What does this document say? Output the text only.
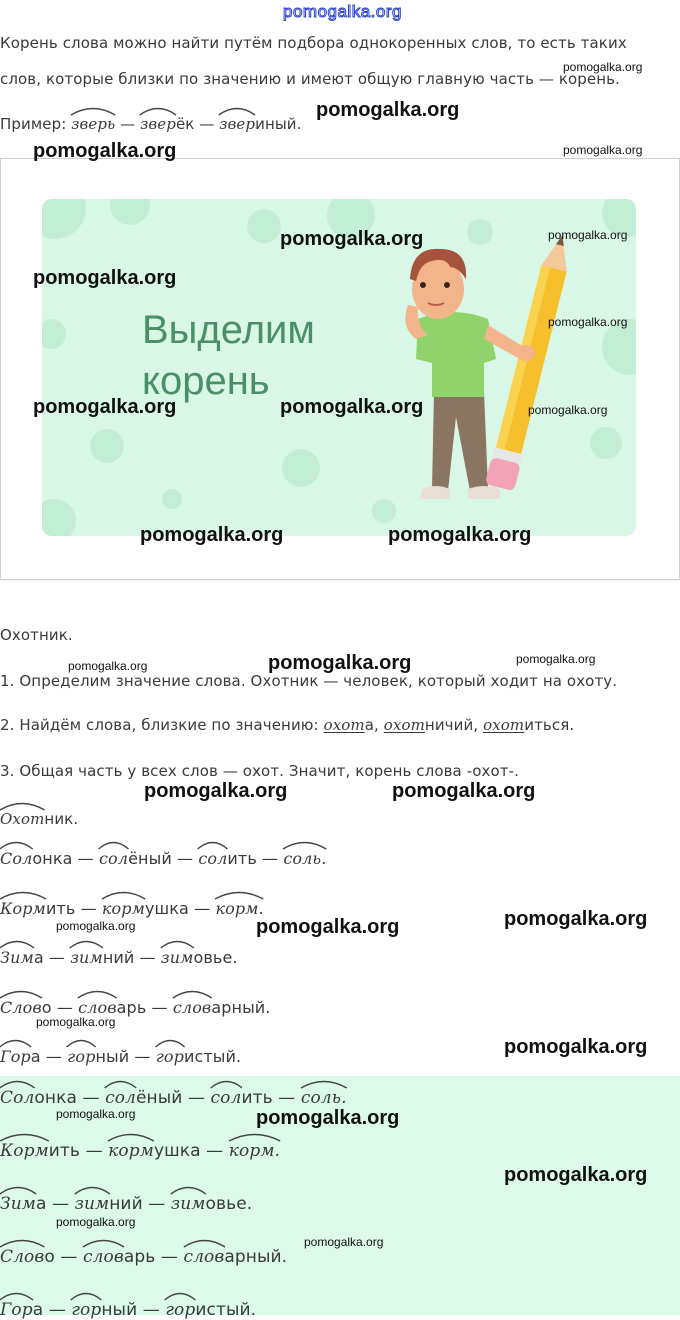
pomogalka.org
Корень слова можно найти путём подбора однокоренных слов, то есть таких
слов, которые близки по значению и имеют общую главную часть — корень.
Пример: зверь
— звер
ёк — звер
иный.
Выделим
корень
Охотник.
1. Определим значение слова. Охотник — человек, который ходит на охоту.
2. Найдём слова, близкие по значению: охота, охотничий, охотиться.
3. Общая часть у всех слов — охот. Значит, корень слова -охот-.
Охот
ник.
Сол
онка — сол
ёный — сол
ить — соль.
Корм
ить — корм
ушка — корм.
Зим
а — зим
ний — зим
овье.
Слов
о — слов
арь — слов
арный.
Гор
а — гор
ный — гор
истый.
Сол
онка — сол
ёный — сол
ить — соль.
Корм
ить — корм
ушка — корм.
Зим
а — зим
ний — зим
овье.
Слов
о — слов
арь — слов
арный.
Гор
а — гор
ный — гор
истый.
pomogalka.org
pomogalka.org
pomogalka.org	pomogalka.org
pomogalka.org	pomogalka.org
pomogalka.org
pomogalka.org
pomogalka.org	pomogalka.org	pomogalka.org
pomogalka.org	pomogalka.org
pomogalka.org	pomogalka.org	pomogalka.org
pomogalka.org	pomogalka.org
pomogalka.org
pomogalka.org	pomogalka.org
pomogalka.org
pomogalka.org
pomogalka.org	pomogalka.org
pomogalka.org
pomogalka.org
pomogalka.org
